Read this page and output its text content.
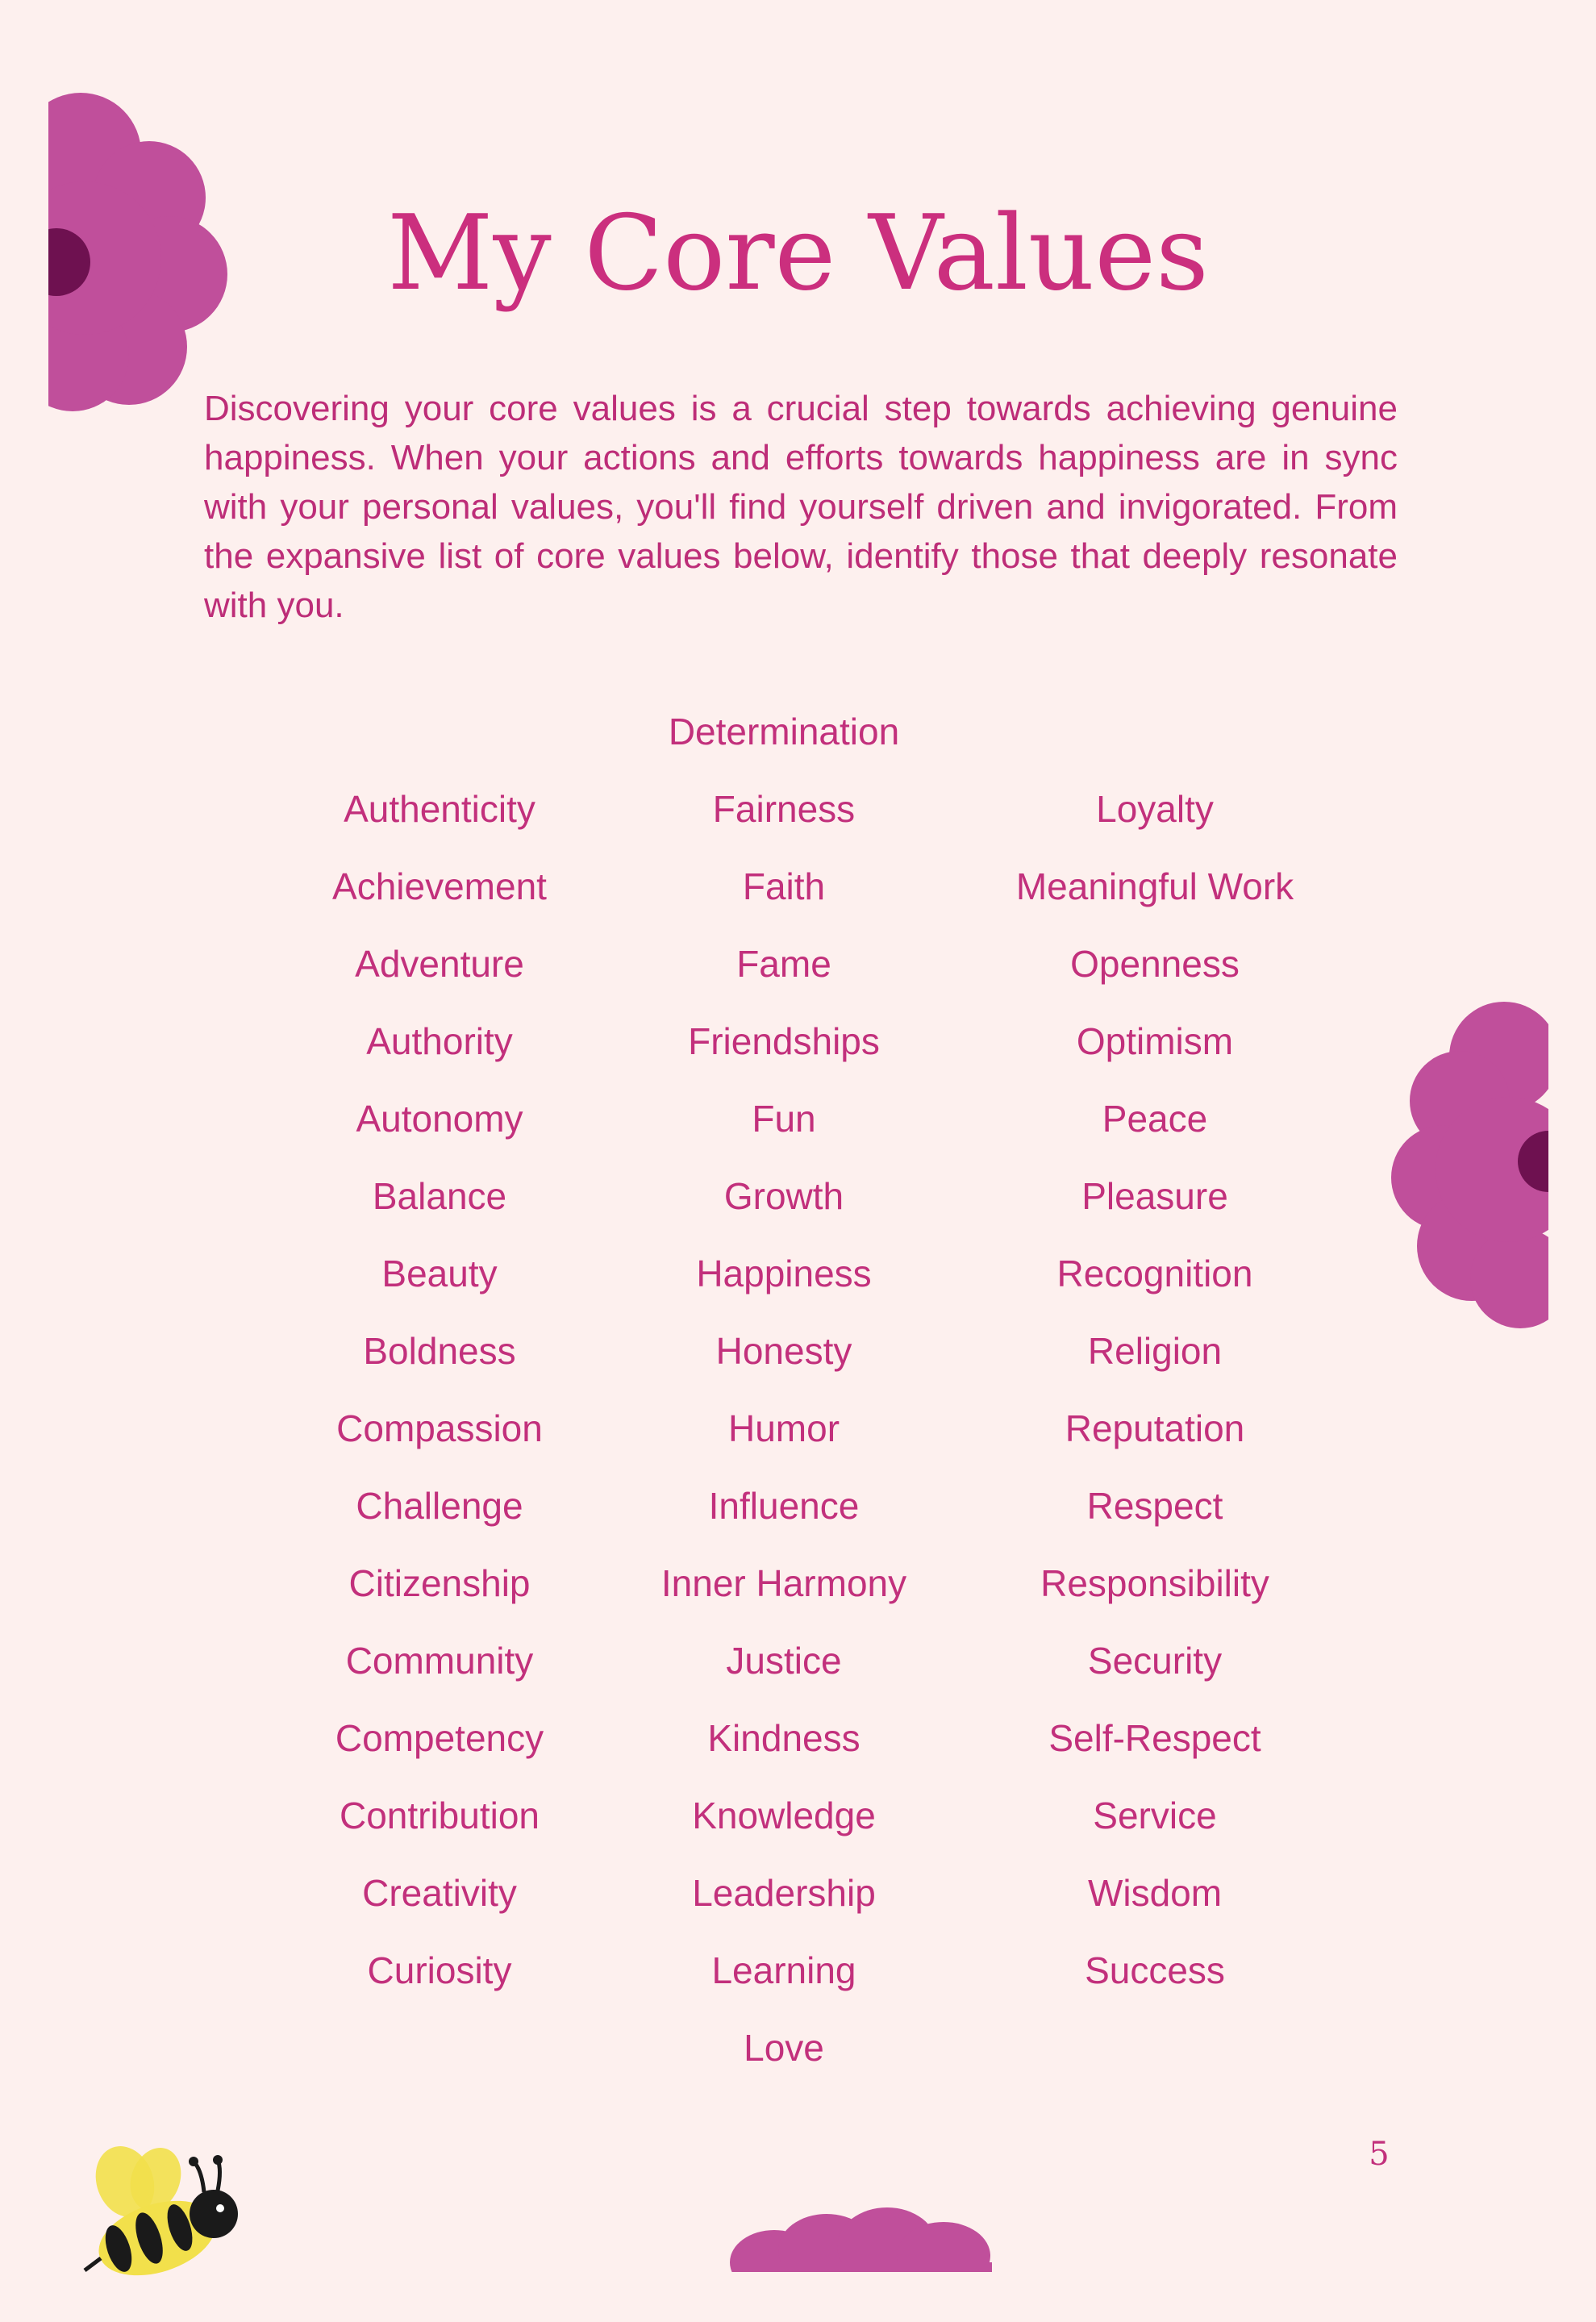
My Core Values

Discovering your core values is a crucial step towards achieving genuine happiness. When your actions and efforts towards happiness are in sync with your personal values, you'll find yourself driven and invigorated. From the expansive list of core values below, identify those that deeply resonate with you.

Authenticity
Achievement
Adventure
Authority
Autonomy
Balance
Beauty
Boldness
Compassion
Challenge
Citizenship
Community
Competency
Contribution
Creativity
Curiosity
Determination
Fairness
Faith
Fame
Friendships
Fun
Growth
Happiness
Honesty
Humor
Influence
Inner Harmony
Justice
Kindness
Knowledge
Leadership
Learning
Love
Loyalty
Meaningful Work
Openness
Optimism
Peace
Pleasure
Recognition
Religion
Reputation
Respect
Responsibility
Security
Self-Respect
Service
Wisdom
Success
5
